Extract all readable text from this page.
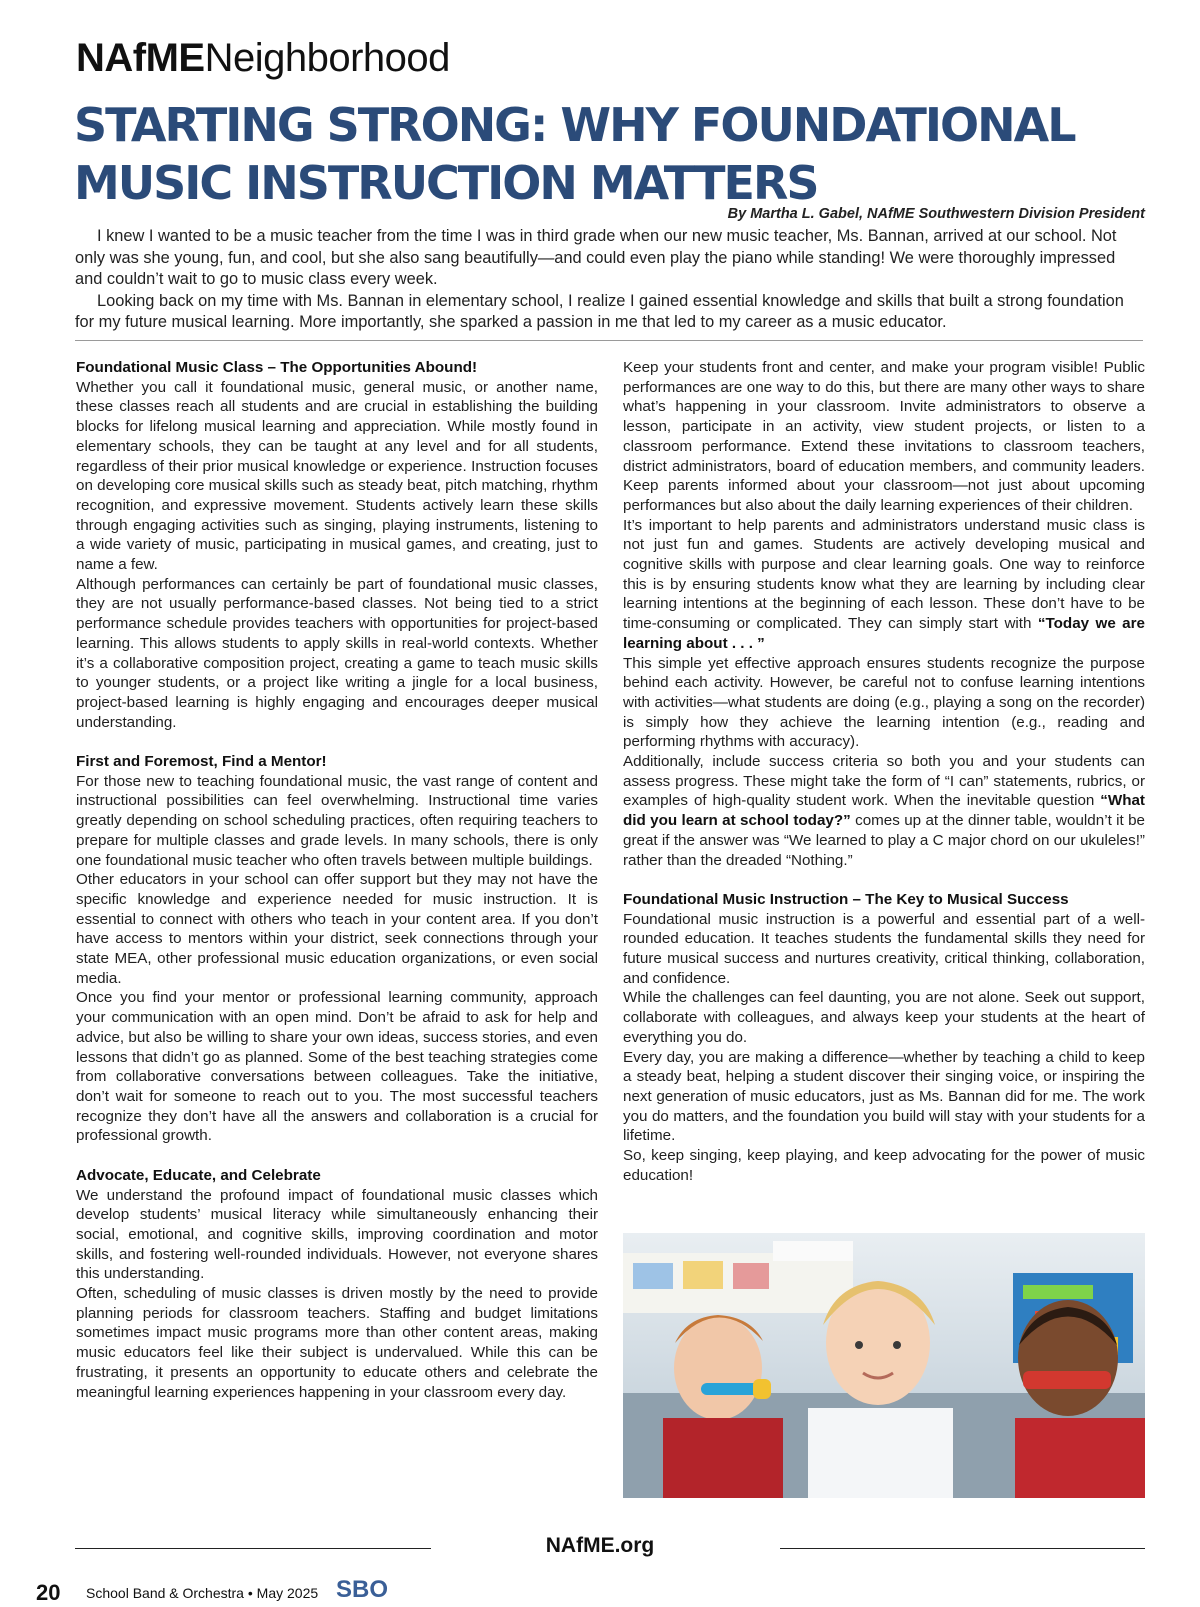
NAfMENeighborhood
STARTING STRONG: WHY FOUNDATIONAL
MUSIC INSTRUCTION MATTERS
By Martha L. Gabel, NAfME Southwestern Division President

I knew I wanted to be a music teacher from the time I was in third grade when our new music teacher, Ms. Bannan, arrived at our school. Not only was she young, fun, and cool, but she also sang beautifully—and could even play the piano while standing! We were thoroughly impressed and couldn’t wait to go to music class every week.

Looking back on my time with Ms. Bannan in elementary school, I realize I gained essential knowledge and skills that built a strong foundation for my future musical learning. More importantly, she sparked a passion in me that led to my career as a music educator.

Foundational Music Class – The Opportunities Abound!

Whether you call it foundational music, general music, or another name, these classes reach all students and are crucial in establishing the building blocks for lifelong musical learning and appreciation. While mostly found in elementary schools, they can be taught at any level and for all students, regardless of their prior musical knowledge or experience. Instruction focuses on developing core musical skills such as steady beat, pitch matching, rhythm recognition, and expressive movement. Students actively learn these skills through engaging activities such as singing, playing instruments, listening to a wide variety of music, participating in musical games, and creating, just to name a few.

Although performances can certainly be part of foundational music classes, they are not usually performance-based classes. Not being tied to a strict performance schedule provides teachers with opportunities for project-based learning. This allows students to apply skills in real-world contexts. Whether it’s a collaborative composition project, creating a game to teach music skills to younger students, or a project like writing a jingle for a local business, project-based learning is highly engaging and encourages deeper musical understanding.

First and Foremost, Find a Mentor!

For those new to teaching foundational music, the vast range of content and instructional possibilities can feel overwhelming. Instructional time varies greatly depending on school scheduling practices, often requiring teachers to prepare for multiple classes and grade levels. In many schools, there is only one foundational music teacher who often travels between multiple buildings.

Other educators in your school can offer support but they may not have the specific knowledge and experience needed for music instruction. It is essential to connect with others who teach in your content area. If you don’t have access to mentors within your district, seek connections through your state MEA, other professional music education organizations, or even social media.

Once you find your mentor or professional learning community, approach your communication with an open mind. Don’t be afraid to ask for help and advice, but also be willing to share your own ideas, success stories, and even lessons that didn’t go as planned. Some of the best teaching strategies come from collaborative conversations between colleagues. Take the initiative, don’t wait for someone to reach out to you. The most successful teachers recognize they don’t have all the answers and collaboration is a crucial for professional growth.

Advocate, Educate, and Celebrate

We understand the profound impact of foundational music classes which develop students’ musical literacy while simultaneously enhancing their social, emotional, and cognitive skills, improving coordination and motor skills, and fostering well-rounded individuals. However, not everyone shares this understanding.

Often, scheduling of music classes is driven mostly by the need to provide planning periods for classroom teachers. Staffing and budget limitations sometimes impact music programs more than other content areas, making music educators feel like their subject is undervalued. While this can be frustrating, it presents an opportunity to educate others and celebrate the meaningful learning experiences happening in your classroom every day.

Keep your students front and center, and make your program visible! Public performances are one way to do this, but there are many other ways to share what’s happening in your classroom. Invite administrators to observe a lesson, participate in an activity, view student projects, or listen to a classroom performance. Extend these invitations to classroom teachers, district administrators, board of education members, and community leaders. Keep parents informed about your classroom—not just about upcoming performances but also about the daily learning experiences of their children.

It’s important to help parents and administrators understand music class is not just fun and games. Students are actively developing musical and cognitive skills with purpose and clear learning goals. One way to reinforce this is by ensuring students know what they are learning by including clear learning intentions at the beginning of each lesson. These don’t have to be time-consuming or complicated. They can simply start with “Today we are learning about . . . ”

This simple yet effective approach ensures students recognize the purpose behind each activity. However, be careful not to confuse learning intentions with activities—what students are doing (e.g., playing a song on the recorder) is simply how they achieve the learning intention (e.g., reading and performing rhythms with accuracy).

Additionally, include success criteria so both you and your students can assess progress. These might take the form of “I can” statements, rubrics, or examples of high-quality student work. When the inevitable question “What did you learn at school today?” comes up at the dinner table, wouldn’t it be great if the answer was “We learned to play a C major chord on our ukuleles!” rather than the dreaded “Nothing.”

Foundational Music Instruction – The Key to Musical Success

Foundational music instruction is a powerful and essential part of a well-rounded education. It teaches students the fundamental skills they need for future musical success and nurtures creativity, critical thinking, collaboration, and confidence.

While the challenges can feel daunting, you are not alone. Seek out support, collaborate with colleagues, and always keep your students at the heart of everything you do.

Every day, you are making a difference—whether by teaching a child to keep a steady beat, helping a student discover their singing voice, or inspiring the next generation of music educators, just as Ms. Bannan did for me. The work you do matters, and the foundation you build will stay with your students for a lifetime.

So, keep singing, keep playing, and keep advocating for the power of music education!

NAfME.org
20 School Band & Orchestra • May 2025 SBO
